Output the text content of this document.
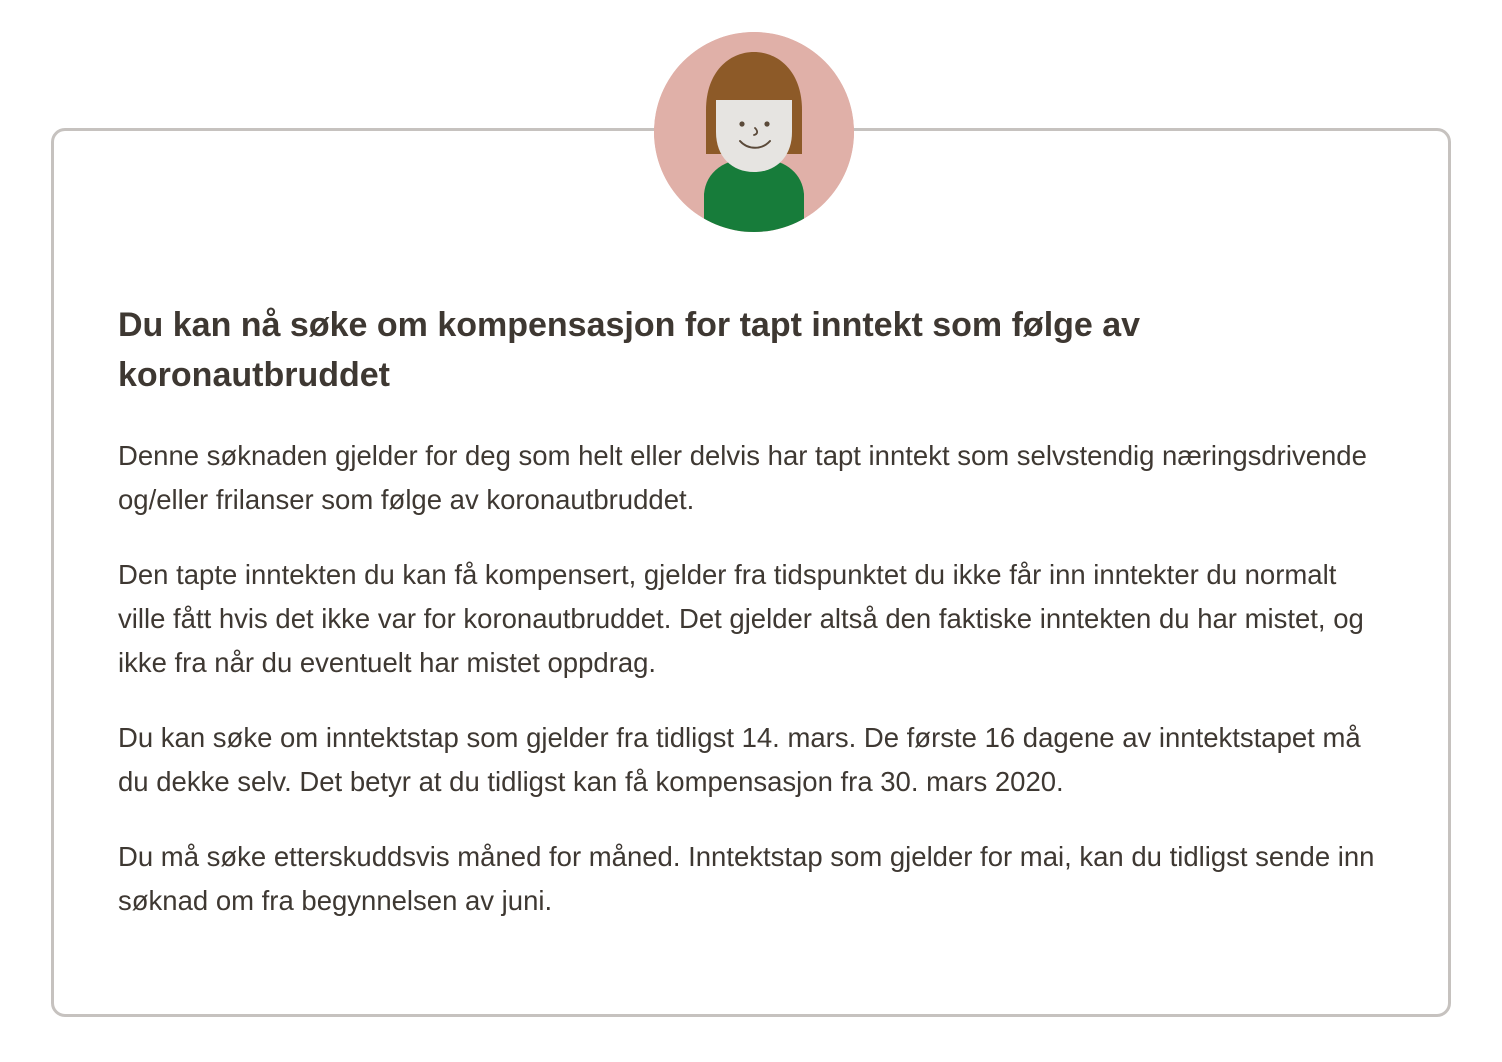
Du kan nå søke om kompensasjon for tapt inntekt som følge av koronautbruddet

Denne søknaden gjelder for deg som helt eller delvis har tapt inntekt som selvstendig næringsdrivende og/eller frilanser som følge av koronautbruddet.

Den tapte inntekten du kan få kompensert, gjelder fra tidspunktet du ikke får inn inntekter du normalt ville fått hvis det ikke var for koronautbruddet. Det gjelder altså den faktiske inntekten du har mistet, og ikke fra når du eventuelt har mistet oppdrag.

Du kan søke om inntektstap som gjelder fra tidligst 14. mars. De første 16 dagene av inntektstapet må du dekke selv. Det betyr at du tidligst kan få kompensasjon fra 30. mars 2020.

Du må søke etterskuddsvis måned for måned. Inntektstap som gjelder for mai, kan du tidligst sende inn søknad om fra begynnelsen av juni.
